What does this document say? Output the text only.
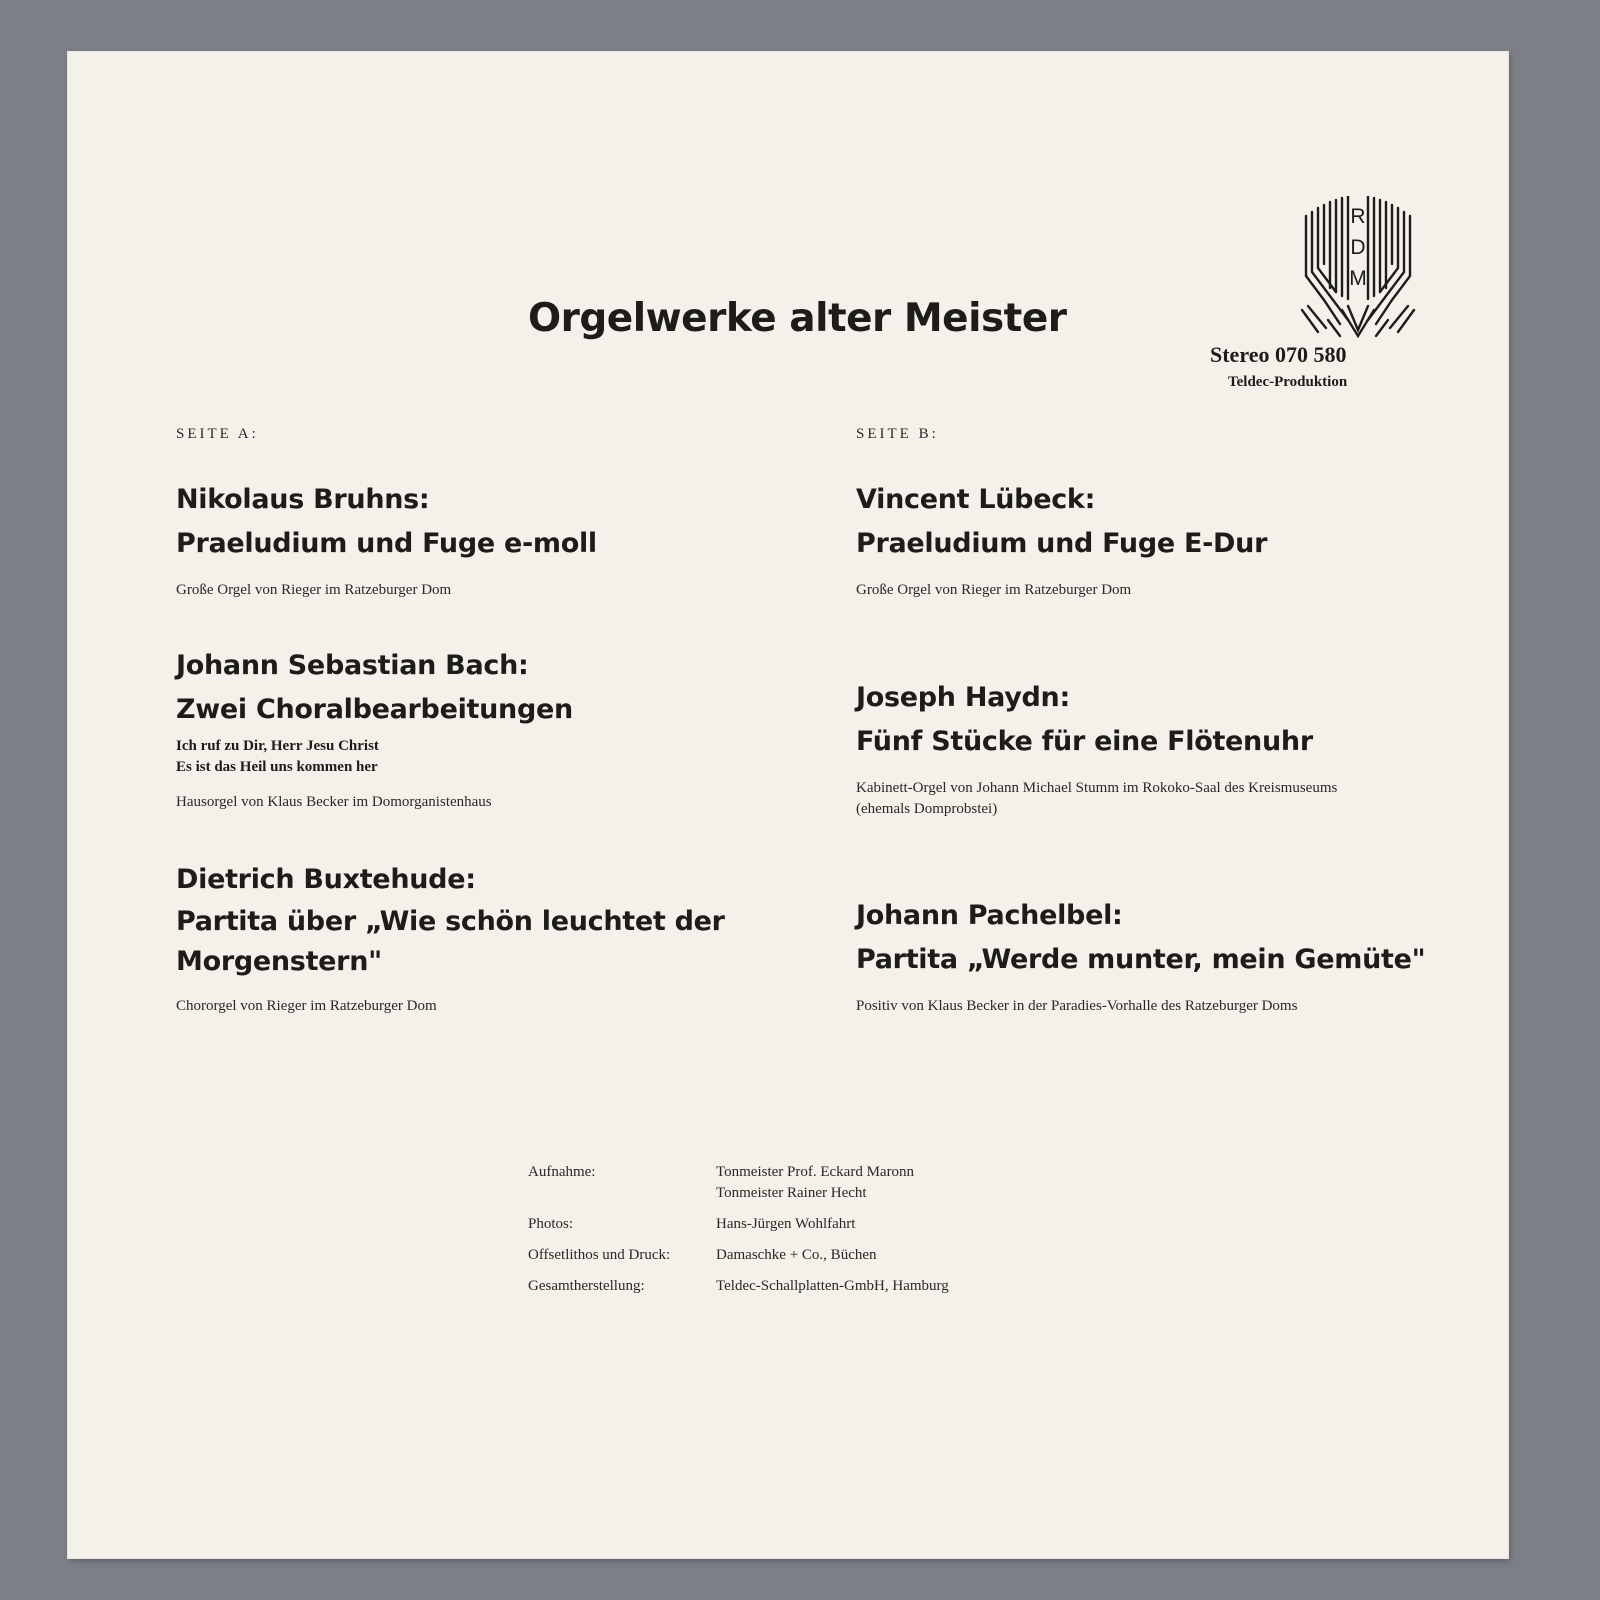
Orgelwerke alter Meister
R
D
M
Stereo 070 580
Teldec-Produktion
SEITE A:
Nikolaus Bruhns:
Praeludium und Fuge e-moll
Große Orgel von Rieger im Ratzeburger Dom
Johann Sebastian Bach:
Zwei Choralbearbeitungen
Ich ruf zu Dir, Herr Jesu Christ
Es ist das Heil uns kommen her
Hausorgel von Klaus Becker im Domorganistenhaus
Dietrich Buxtehude:
Partita über „Wie schön leuchtet der Morgenstern"
Chororgel von Rieger im Ratzeburger Dom
SEITE B:
Vincent Lübeck:
Praeludium und Fuge E-Dur
Große Orgel von Rieger im Ratzeburger Dom
Joseph Haydn:
Fünf Stücke für eine Flötenuhr
Kabinett-Orgel von Johann Michael Stumm im Rokoko-Saal des Kreismuseums (ehemals Domprobstei)
Johann Pachelbel:
Partita „Werde munter, mein Gemüte"
Positiv von Klaus Becker in der Paradies-Vorhalle des Ratzeburger Doms
Aufnahme:	Tonmeister Prof. Eckard Maronn
Tonmeister Rainer Hecht
Photos:	Hans-Jürgen Wohlfahrt
Offsetlithos und Druck:	Damaschke + Co., Büchen
Gesamtherstellung:	Teldec-Schallplatten-GmbH, Hamburg
